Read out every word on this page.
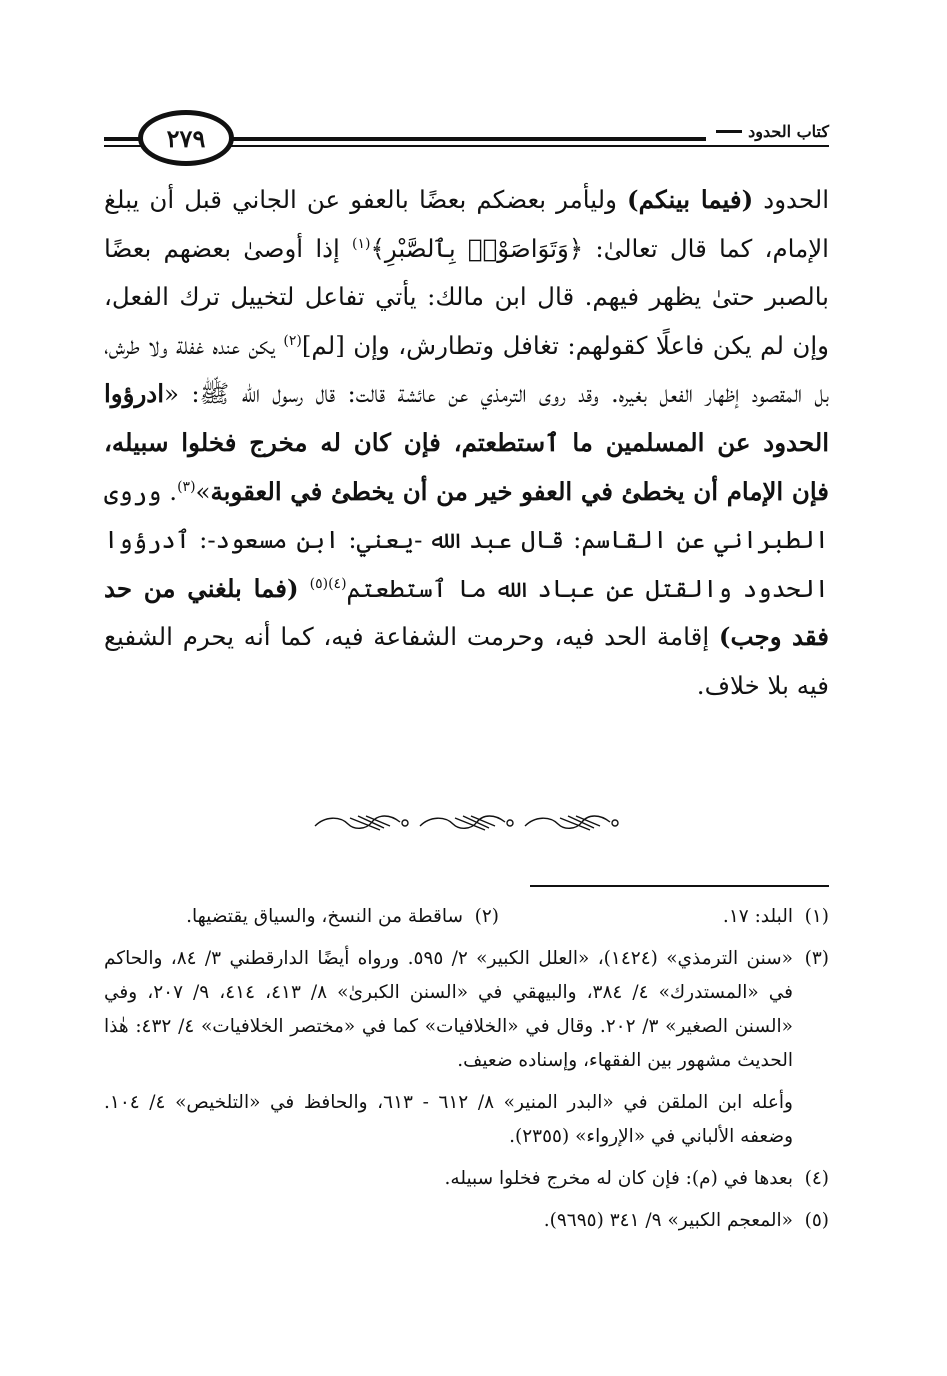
٢٧٩	كتاب الحدود

الحدود (فيما بينكم) وليأمر بعضكم بعضًا بالعفو عن الجاني قبل أن يبلغ الإمام، كما قال تعالىٰ: ﴿وَتَوَاصَوْا۟ بِٱلصَّبْرِ﴾$^{(١)}$ إذا أوصىٰ بعضهم بعضًا بالصبر حتىٰ يظهر فيهم. قال ابن مالك: يأتي تفاعل لتخييل ترك الفعل، وإن لم يكن فاعلًا كقولهم: تغافل وتطارش، وإن [لم]$^{(٢)}$ يكن عنده غفلة ولا طرش، بل المقصود إظهار الفعل بغيره. وقد روى الترمذي عن عائشة قالت: قال رسول الله ﷺ: «ادرؤوا الحدود عن المسلمين ما ٱستطعتم، فإن كان له مخرج فخلوا سبيله، فإن الإمام أن يخطئ في العفو خير من أن يخطئ في العقوبة»$^{(٣)}$. وروى الطبراني عن القاسم: قال عبد الله -يعني: ابن مسعود-: ٱدرؤوا الحدود والقتل عن عباد الله ما ٱستطعتم$^{(٤)(٥)}$ (فما بلغني من حد فقد وجب) إقامة الحد فيه، وحرمت الشفاعة فيه، كما أنه يحرم الشفيع فيه بلا خلاف.

(١)
البلد: ١٧.
(٢)
ساقطة من النسخ، والسياق يقتضيها.
(٣)
«سنن الترمذي» (١٤٢٤)، «العلل الكبير» ٢/ ٥٩٥. ورواه أيضًا الدارقطني ٣/ ٨٤، والحاكم في «المستدرك» ٤/ ٣٨٤، والبيهقي في «السنن الكبرىٰ» ٨/ ٤١٣، ٤١٤، ٩/ ٢٠٧، وفي «السنن الصغير» ٣/ ٢٠٢. وقال في «الخلافيات» كما في «مختصر الخلافيات» ٤/ ٤٣٢: هٰذا الحديث مشهور بين الفقهاء، وإسناده ضعيف.
وأعله ابن الملقن في «البدر المنير» ٨/ ٦١٢ - ٦١٣، والحافظ في «التلخيص» ٤/ ١٠٤. وضعفه الألباني في «الإرواء» (٢٣٥٥).
(٤)
بعدها في (م): فإن كان له مخرج فخلوا سبيله.
(٥)
«المعجم الكبير» ٩/ ٣٤١ (٩٦٩٥).
